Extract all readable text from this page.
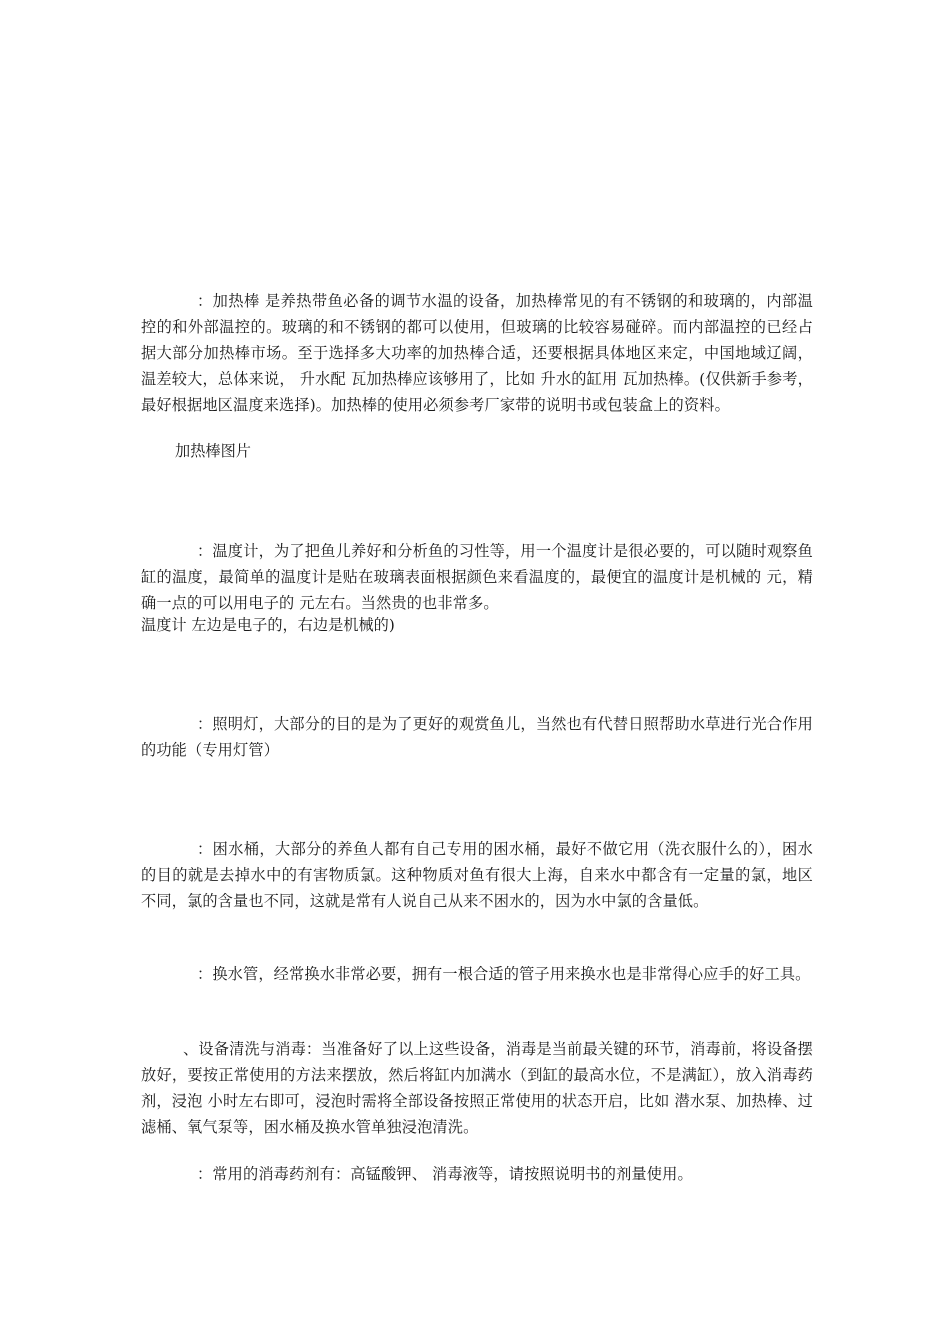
：加热棒 是养热带鱼必备的调节水温的设备，加热棒常见的有不锈钢的和玻璃的，内部温控的和外部温控的。玻璃的和不锈钢的都可以使用，但玻璃的比较容易碰碎。而内部温控的已经占据大部分加热棒市场。至于选择多大功率的加热棒合适，还要根据具体地区来定，中国地域辽阔，温差较大，总体来说， 升水配 瓦加热棒应该够用了，比如 升水的缸用 瓦加热棒。(仅供新手参考，最好根据地区温度来选择)。加热棒的使用必须参考厂家带的说明书或包装盒上的资料。

加热棒图片

：温度计，为了把鱼儿养好和分析鱼的习性等，用一个温度计是很必要的，可以随时观察鱼缸的温度，最简单的温度计是贴在玻璃表面根据颜色来看温度的，最便宜的温度计是机械的 元，精确一点的可以用电子的 元左右。当然贵的也非常多。

温度计 左边是电子的，右边是机械的)

：照明灯，大部分的目的是为了更好的观赏鱼儿，当然也有代替日照帮助水草进行光合作用的功能（专用灯管）

：困水桶，大部分的养鱼人都有自己专用的困水桶，最好不做它用（洗衣服什么的），困水的目的就是去掉水中的有害物质氯。这种物质对鱼有很大上海，自来水中都含有一定量的氯，地区不同，氯的含量也不同，这就是常有人说自己从来不困水的，因为水中氯的含量低。

：换水管，经常换水非常必要，拥有一根合适的管子用来换水也是非常得心应手的好工具。

、设备清洗与消毒：当准备好了以上这些设备，消毒是当前最关键的环节，消毒前，将设备摆放好，要按正常使用的方法来摆放，然后将缸内加满水（到缸的最高水位，不是满缸），放入消毒药剂，浸泡 小时左右即可，浸泡时需将全部设备按照正常使用的状态开启，比如 潜水泵、加热棒、过滤桶、氧气泵等，困水桶及换水管单独浸泡清洗。

：常用的消毒药剂有：高锰酸钾、 消毒液等，请按照说明书的剂量使用。
